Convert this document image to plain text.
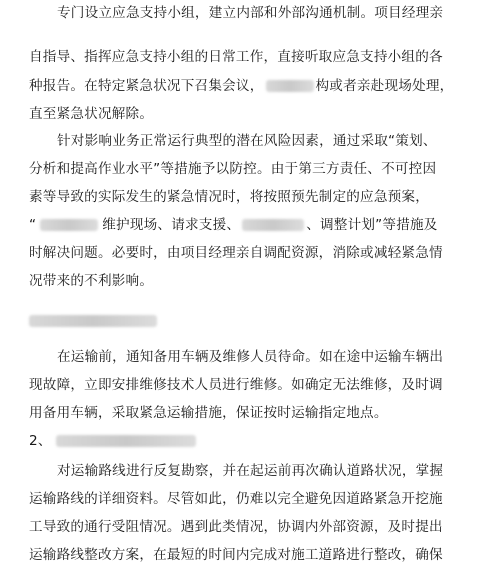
专门设立应急支持小组，建立内部和外部沟通机制。项目经理亲
自指导、指挥应急支持小组的日常工作，直接听取应急支持小组的各
种报告。在特定紧急状况下召集会议，	构或者亲赴现场处理，
直至紧急状况解除。
针对影响业务正常运行典型的潜在风险因素，通过采取“策划、
分析和提高作业水平”等措施予以防控。由于第三方责任、不可控因
素等导致的实际发生的紧急情况时，将按照预先制定的应急预案，
“	维护现场、请求支援、	、调整计划”等措施及
时解决问题。必要时，由项目经理亲自调配资源，消除或减轻紧急情
况带来的不利影响。
在运输前，通知备用车辆及维修人员待命。如在途中运输车辆出
现故障，立即安排维修技术人员进行维修。如确定无法维修，及时调
用备用车辆，采取紧急运输措施，保证按时运输指定地点。
2、
对运输路线进行反复勘察，并在起运前再次确认道路状况，掌握
运输路线的详细资料。尽管如此，仍难以完全避免因道路紧急开挖施
工导致的通行受阻情况。遇到此类情况，协调内外部资源，及时提出
运输路线整改方案，在最短的时间内完成对施工道路进行整改，确保
